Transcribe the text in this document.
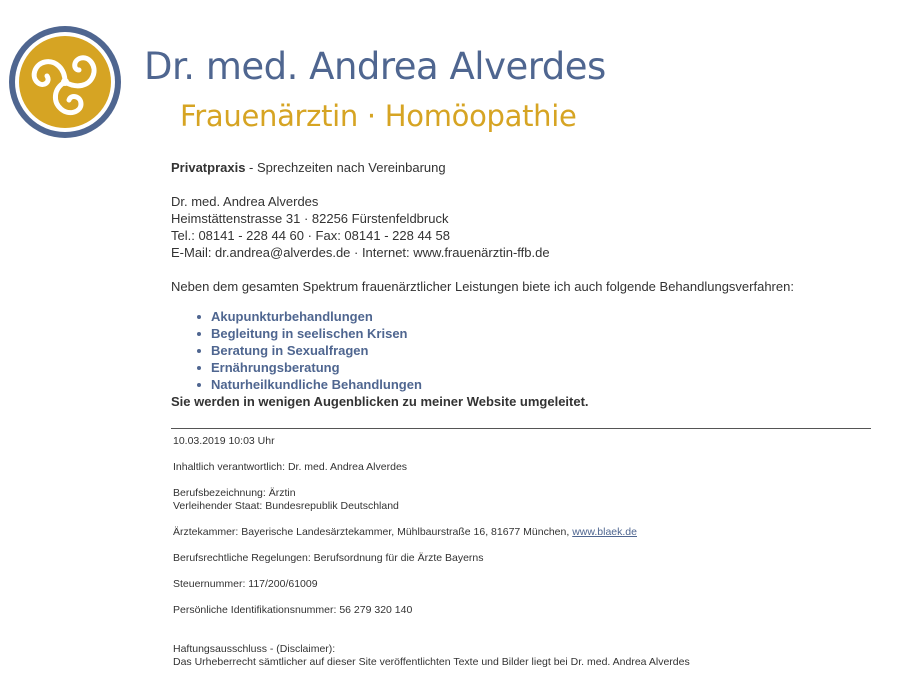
Dr. med. Andrea Alverdes
Frauenärztin · Homöopathie

Privatpraxis - Sprechzeiten nach Vereinbarung

Dr. med. Andrea Alverdes
Heimstättenstrasse 31 · 82256 Fürstenfeldbruck
Tel.: 08141 - 228 44 60 · Fax: 08141 - 228 44 58
E-Mail: dr.andrea@alverdes.de · Internet: www.frauenärztin-ffb.de

Neben dem gesamten Spektrum frauenärztlicher Leistungen biete ich auch folgende Behandlungsverfahren:

Akupunkturbehandlungen
Begleitung in seelischen Krisen
Beratung in Sexualfragen
Ernährungsberatung
Naturheilkundliche Behandlungen

Sie werden in wenigen Augenblicken zu meiner Website umgeleitet.

10.03.2019 10:03 Uhr
Inhaltlich verantwortlich: Dr. med. Andrea Alverdes
Berufsbezeichnung: Ärztin
Verleihender Staat: Bundesrepublik Deutschland
Ärztekammer: Bayerische Landesärztekammer, Mühlbaurstraße 16, 81677 München, www.blaek.de
Berufsrechtliche Regelungen: Berufsordnung für die Ärzte Bayerns
Steuernummer: 117/200/61009
Persönliche Identifikationsnummer: 56 279 320 140
Haftungsausschluss - (Disclaimer):
Das Urheberrecht sämtlicher auf dieser Site veröffentlichten Texte und Bilder liegt bei Dr. med. Andrea Alverdes
